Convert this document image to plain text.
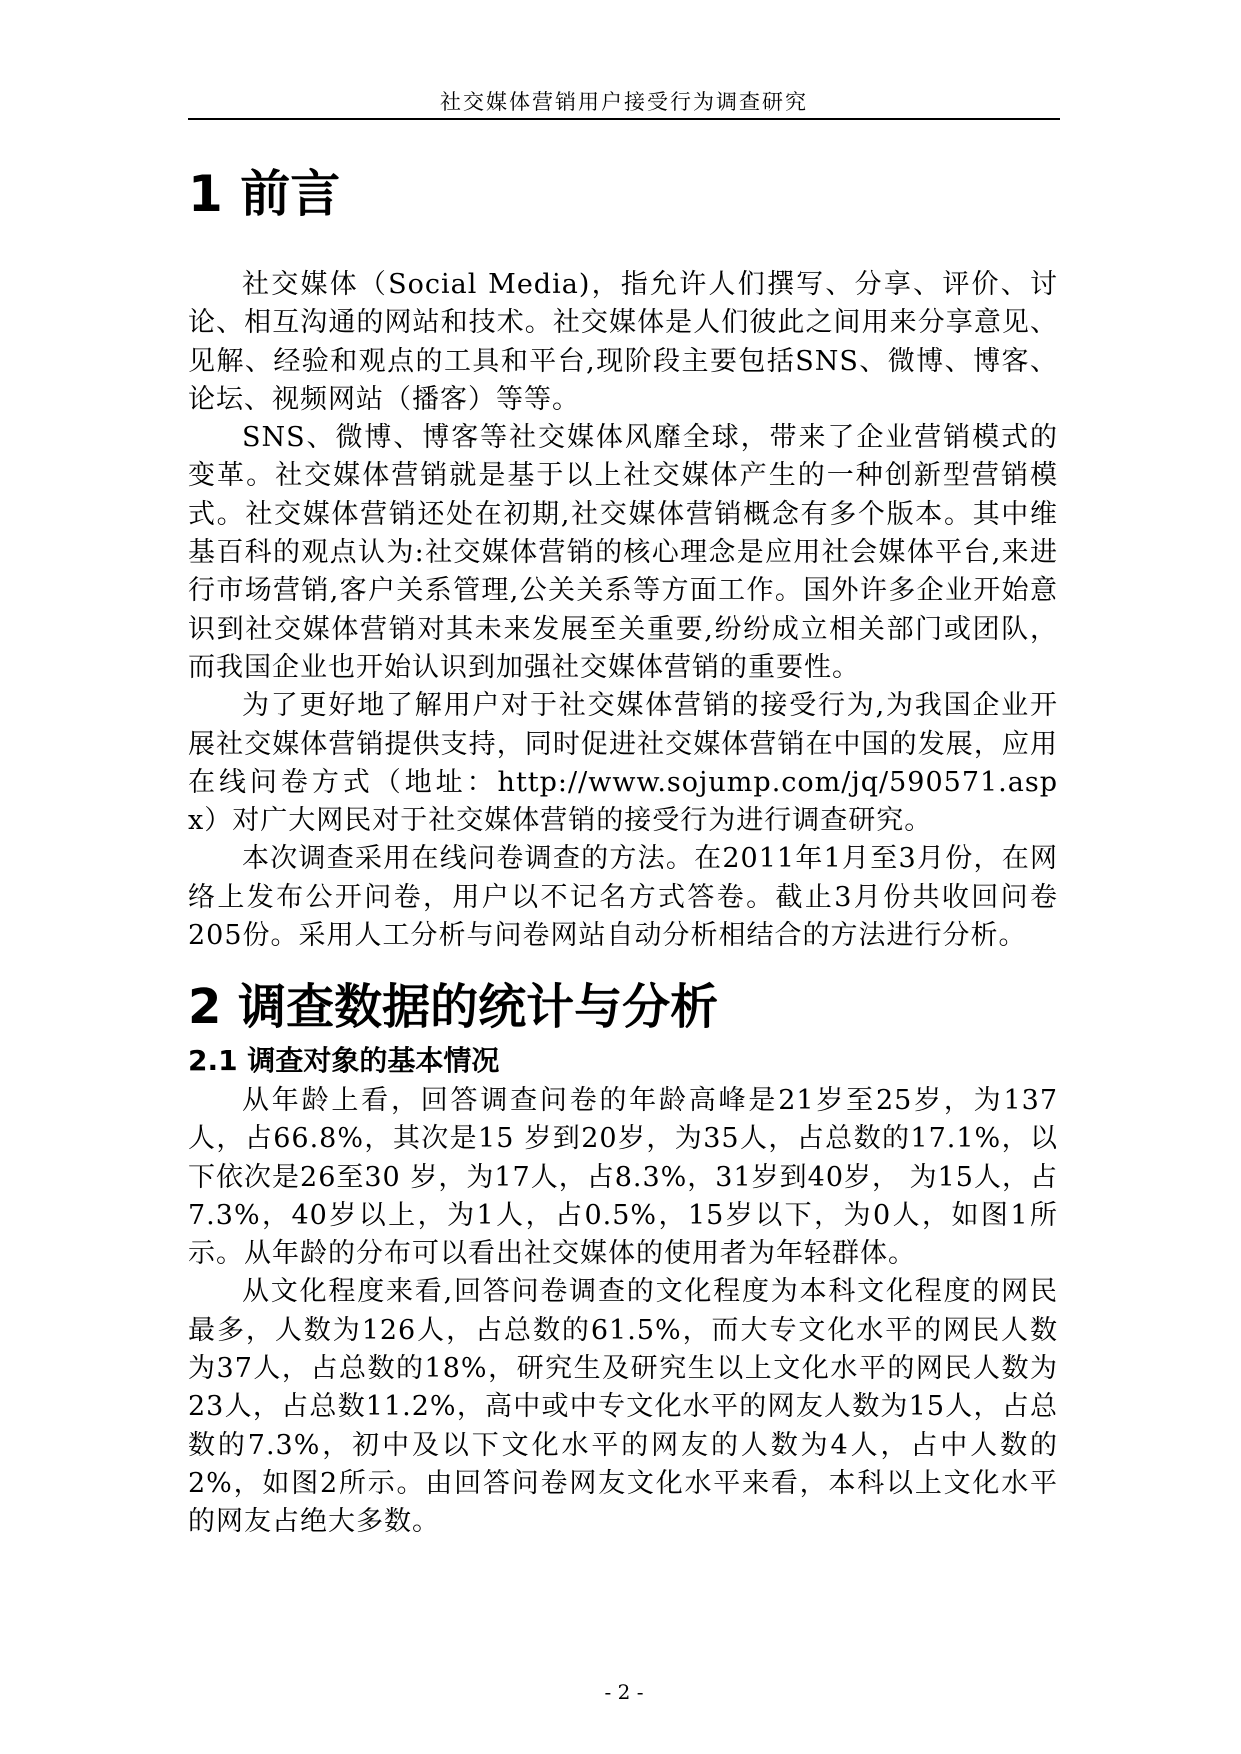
社交媒体营销用户接受行为调查研究
1 前言

社交媒体（Social Media)，指允许人们撰写、分享、评价、讨论、相互沟通的网站和技术。社交媒体是人们彼此之间用来分享意见、见解、经验和观点的工具和平台,现阶段主要包括SNS、微博、博客、论坛、视频网站（播客）等等。

SNS、微博、博客等社交媒体风靡全球，带来了企业营销模式的变革。社交媒体营销就是基于以上社交媒体产生的一种创新型营销模式。社交媒体营销还处在初期,社交媒体营销概念有多个版本。其中维基百科的观点认为:社交媒体营销的核心理念是应用社会媒体平台,来进行市场营销,客户关系管理,公关关系等方面工作。国外许多企业开始意识到社交媒体营销对其未来发展至关重要,纷纷成立相关部门或团队，而我国企业也开始认识到加强社交媒体营销的重要性。

为了更好地了解用户对于社交媒体营销的接受行为,为我国企业开展社交媒体营销提供支持，同时促进社交媒体营销在中国的发展，应用在线问卷方式（地址：http://www.sojump.com/jq/590571.aspx）对广大网民对于社交媒体营销的接受行为进行调查研究。

本次调查采用在线问卷调查的方法。在2011年1月至3月份，在网络上发布公开问卷，用户以不记名方式答卷。截止3月份共收回问卷205份。采用人工分析与问卷网站自动分析相结合的方法进行分析。

2 调查数据的统计与分析
2.1 调查对象的基本情况

从年龄上看，回答调查问卷的年龄高峰是21岁至25岁，为137人，占66.8%，其次是15 岁到20岁，为35人，占总数的17.1%，以下依次是26至30 岁，为17人，占8.3%，31岁到40岁， 为15人，占7.3%，40岁以上，为1人，占0.5%，15岁以下，为0人，如图1所示。从年龄的分布可以看出社交媒体的使用者为年轻群体。

从文化程度来看,回答问卷调查的文化程度为本科文化程度的网民最多，人数为126人，占总数的61.5%，而大专文化水平的网民人数为37人，占总数的18%，研究生及研究生以上文化水平的网民人数为23人，占总数11.2%，高中或中专文化水平的网友人数为15人，占总数的7.3%，初中及以下文化水平的网友的人数为4人，占中人数的2%，如图2所示。由回答问卷网友文化水平来看，本科以上文化水平的网友占绝大多数。

- 2 -
